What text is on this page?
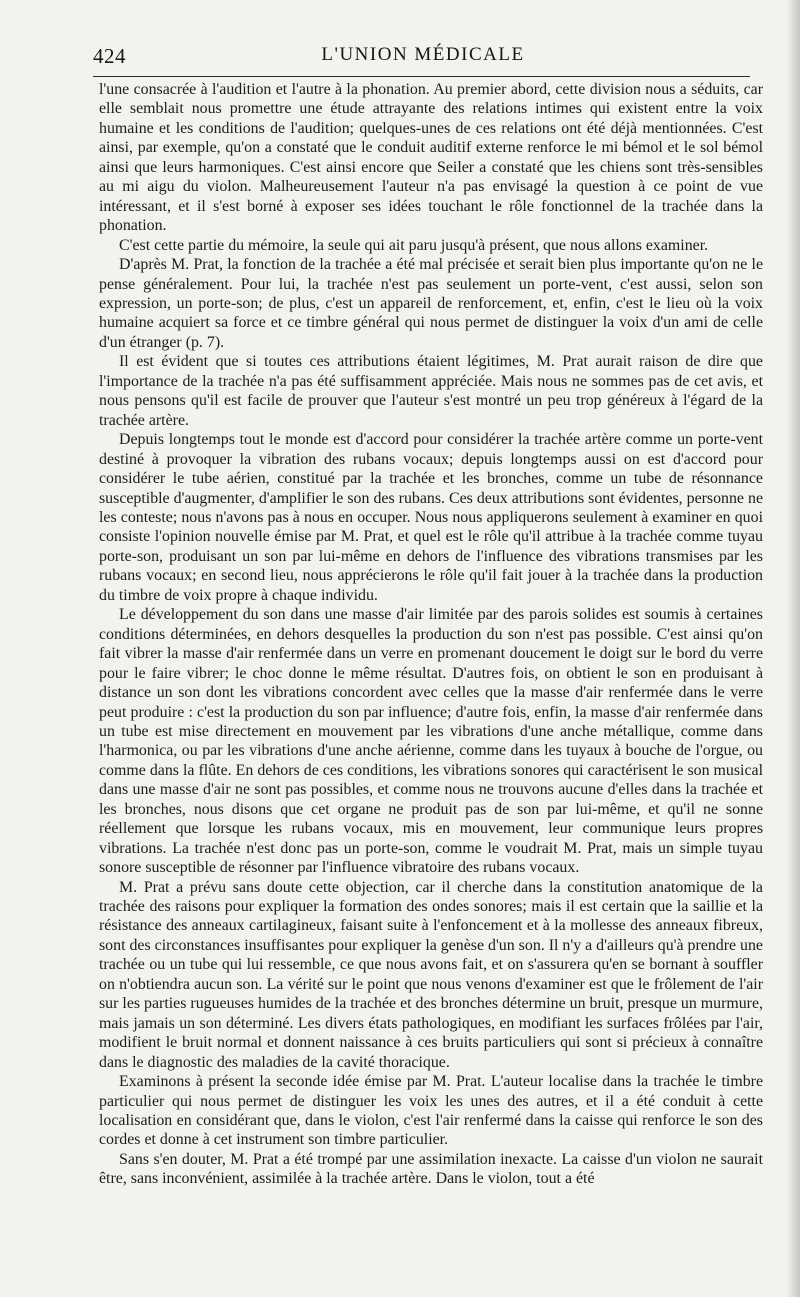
424	L'UNION MÉDICALE

l'une consacrée à l'audition et l'autre à la phonation. Au premier abord, cette division nous a séduits, car elle semblait nous promettre une étude attrayante des relations intimes qui existent entre la voix humaine et les conditions de l'audition; quelques-unes de ces relations ont été déjà mentionnées. C'est ainsi, par exemple, qu'on a constaté que le conduit auditif externe renforce le mi bémol et le sol bémol ainsi que leurs harmoniques. C'est ainsi encore que Seiler a constaté que les chiens sont très-sensibles au mi aigu du violon. Malheureusement l'auteur n'a pas envisagé la question à ce point de vue intéressant, et il s'est borné à exposer ses idées touchant le rôle fonctionnel de la trachée dans la phonation.

C'est cette partie du mémoire, la seule qui ait paru jusqu'à présent, que nous allons examiner.

D'après M. Prat, la fonction de la trachée a été mal précisée et serait bien plus importante qu'on ne le pense généralement. Pour lui, la trachée n'est pas seulement un porte-vent, c'est aussi, selon son expression, un porte-son; de plus, c'est un appareil de renforcement, et, enfin, c'est le lieu où la voix humaine acquiert sa force et ce timbre général qui nous permet de distinguer la voix d'un ami de celle d'un étranger (p. 7).

Il est évident que si toutes ces attributions étaient légitimes, M. Prat aurait raison de dire que l'importance de la trachée n'a pas été suffisamment appréciée. Mais nous ne sommes pas de cet avis, et nous pensons qu'il est facile de prouver que l'auteur s'est montré un peu trop généreux à l'égard de la trachée artère.

Depuis longtemps tout le monde est d'accord pour considérer la trachée artère comme un porte-vent destiné à provoquer la vibration des rubans vocaux; depuis longtemps aussi on est d'accord pour considérer le tube aérien, constitué par la trachée et les bronches, comme un tube de résonnance susceptible d'augmenter, d'amplifier le son des rubans. Ces deux attributions sont évidentes, personne ne les conteste; nous n'avons pas à nous en occuper. Nous nous appliquerons seulement à examiner en quoi consiste l'opinion nouvelle émise par M. Prat, et quel est le rôle qu'il attribue à la trachée comme tuyau porte-son, produisant un son par lui-même en dehors de l'influence des vibrations transmises par les rubans vocaux; en second lieu, nous apprécierons le rôle qu'il fait jouer à la trachée dans la production du timbre de voix propre à chaque individu.

Le développement du son dans une masse d'air limitée par des parois solides est soumis à certaines conditions déterminées, en dehors desquelles la production du son n'est pas possible. C'est ainsi qu'on fait vibrer la masse d'air renfermée dans un verre en promenant doucement le doigt sur le bord du verre pour le faire vibrer; le choc donne le même résultat. D'autres fois, on obtient le son en produisant à distance un son dont les vibrations concordent avec celles que la masse d'air renfermée dans le verre peut produire : c'est la production du son par influence; d'autre fois, enfin, la masse d'air renfermée dans un tube est mise directement en mouvement par les vibrations d'une anche métallique, comme dans l'harmonica, ou par les vibrations d'une anche aérienne, comme dans les tuyaux à bouche de l'orgue, ou comme dans la flûte. En dehors de ces conditions, les vibrations sonores qui caractérisent le son musical dans une masse d'air ne sont pas possibles, et comme nous ne trouvons aucune d'elles dans la trachée et les bronches, nous disons que cet organe ne produit pas de son par lui-même, et qu'il ne sonne réellement que lorsque les rubans vocaux, mis en mouvement, leur communique leurs propres vibrations. La trachée n'est donc pas un porte-son, comme le voudrait M. Prat, mais un simple tuyau sonore susceptible de résonner par l'influence vibratoire des rubans vocaux.

M. Prat a prévu sans doute cette objection, car il cherche dans la constitution anatomique de la trachée des raisons pour expliquer la formation des ondes sonores; mais il est certain que la saillie et la résistance des anneaux cartilagineux, faisant suite à l'enfoncement et à la mollesse des anneaux fibreux, sont des circonstances insuffisantes pour expliquer la genèse d'un son. Il n'y a d'ailleurs qu'à prendre une trachée ou un tube qui lui ressemble, ce que nous avons fait, et on s'assurera qu'en se bornant à souffler on n'obtiendra aucun son. La vérité sur le point que nous venons d'examiner est que le frôlement de l'air sur les parties rugueuses humides de la trachée et des bronches détermine un bruit, presque un murmure, mais jamais un son déterminé. Les divers états pathologiques, en modifiant les surfaces frôlées par l'air, modifient le bruit normal et donnent naissance à ces bruits particuliers qui sont si précieux à connaître dans le diagnostic des maladies de la cavité thoracique.

Examinons à présent la seconde idée émise par M. Prat. L'auteur localise dans la trachée le timbre particulier qui nous permet de distinguer les voix les unes des autres, et il a été conduit à cette localisation en considérant que, dans le violon, c'est l'air renfermé dans la caisse qui renforce le son des cordes et donne à cet instrument son timbre particulier.

Sans s'en douter, M. Prat a été trompé par une assimilation inexacte. La caisse d'un violon ne saurait être, sans inconvénient, assimilée à la trachée artère. Dans le violon, tout a été
